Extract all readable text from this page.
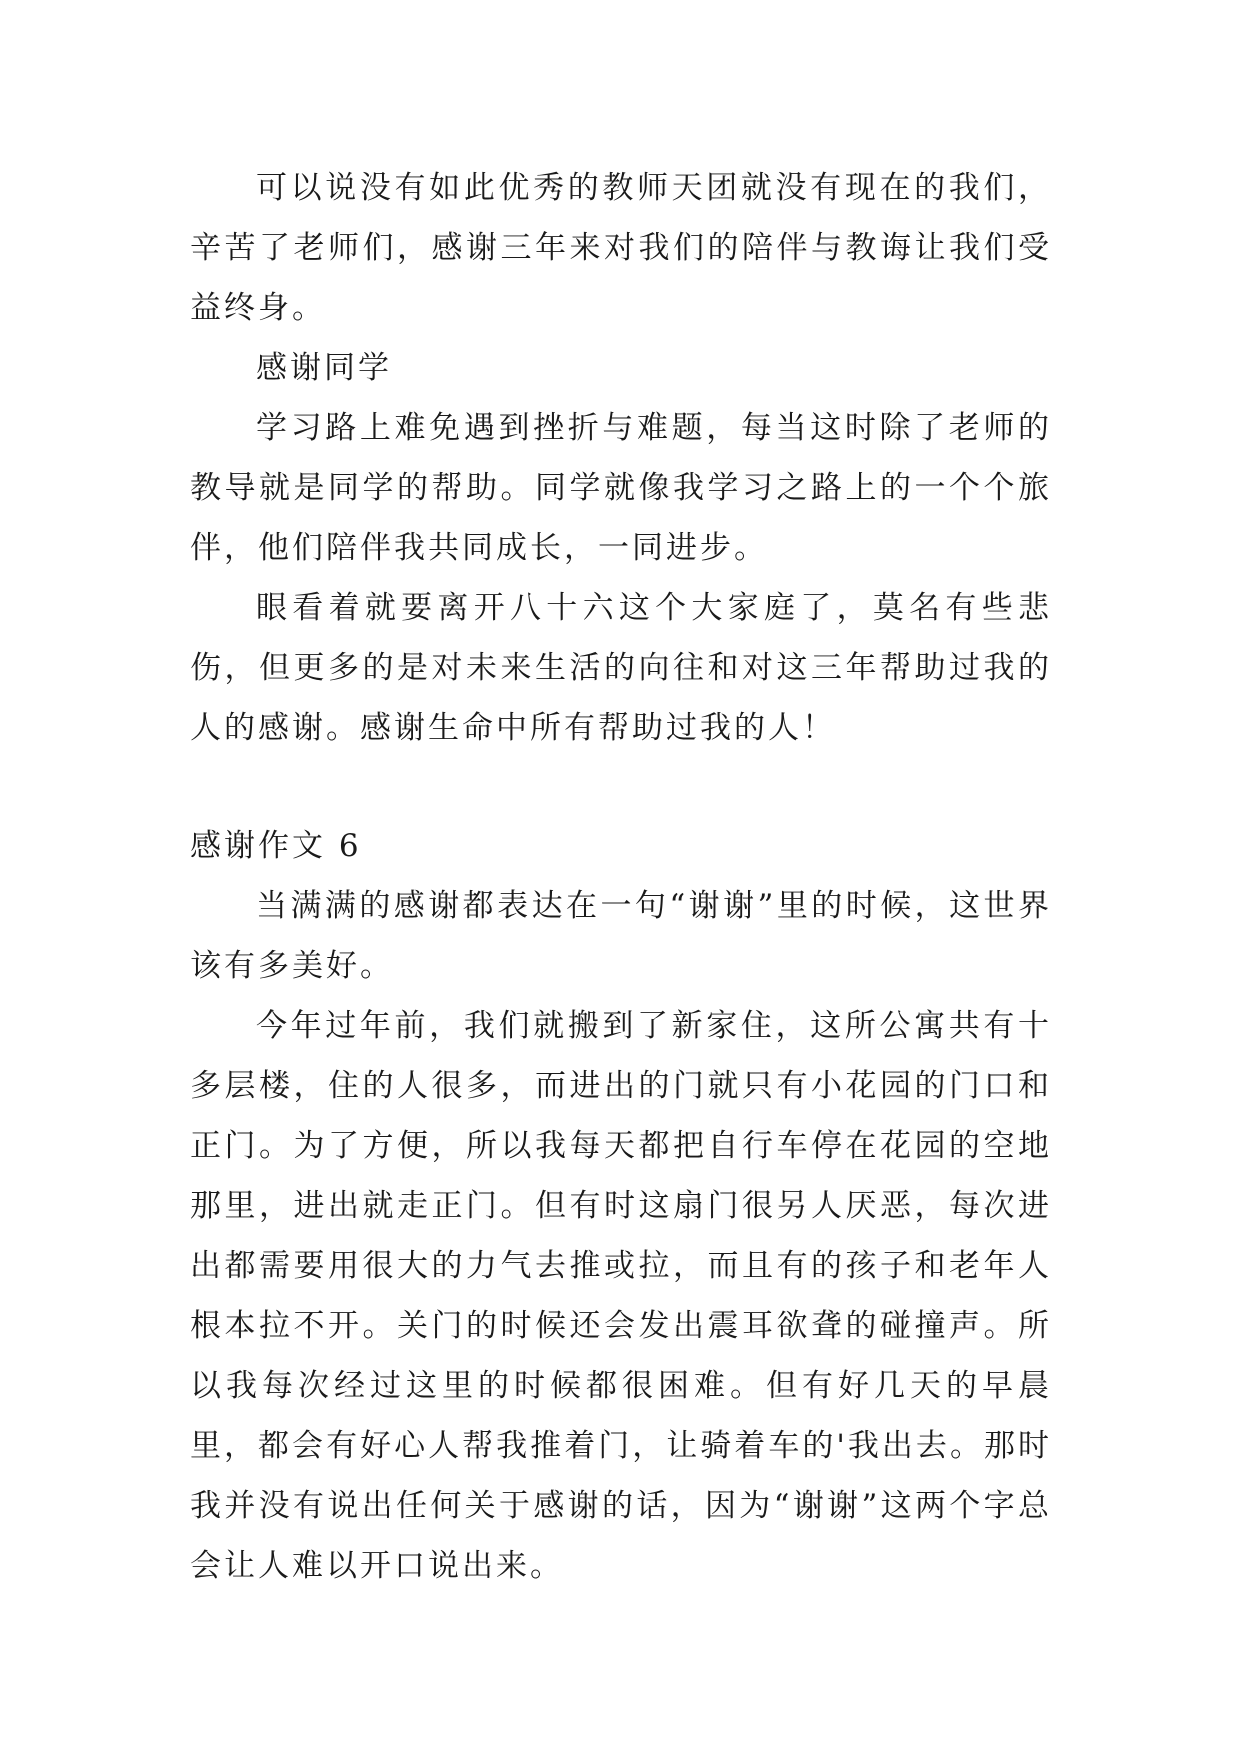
可以说没有如此优秀的教师天团就没有现在的我们，辛苦了老师们，感谢三年来对我们的陪伴与教诲让我们受益终身。

感谢同学

学习路上难免遇到挫折与难题，每当这时除了老师的教导就是同学的帮助。同学就像我学习之路上的一个个旅伴，他们陪伴我共同成长，一同进步。

眼看着就要离开八十六这个大家庭了，莫名有些悲伤，但更多的是对未来生活的向往和对这三年帮助过我的人的感谢。感谢生命中所有帮助过我的人！

感谢作文 6

当满满的感谢都表达在一句“谢谢”里的时候，这世界该有多美好。

今年过年前，我们就搬到了新家住，这所公寓共有十多层楼，住的人很多，而进出的门就只有小花园的门口和正门。为了方便，所以我每天都把自行车停在花园的空地那里，进出就走正门。但有时这扇门很另人厌恶，每次进出都需要用很大的力气去推或拉，而且有的孩子和老年人根本拉不开。关门的时候还会发出震耳欲聋的碰撞声。所以我每次经过这里的时候都很困难。但有好几天的早晨里，都会有好心人帮我推着门，让骑着车的'我出去。那时我并没有说出任何关于感谢的话，因为“谢谢”这两个字总会让人难以开口说出来。
